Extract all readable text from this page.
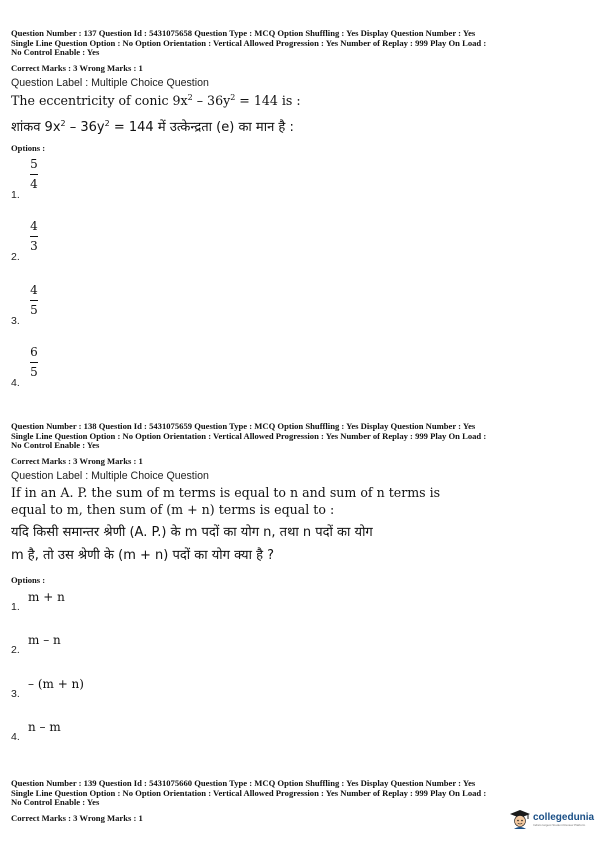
Question Number : 137 Question Id : 5431075658 Question Type : MCQ Option Shuffling : Yes Display Question Number : Yes
Single Line Question Option : No Option Orientation : Vertical Allowed Progression : Yes Number of Replay : 999 Play On Load :
No Control Enable : Yes
Correct Marks : 3 Wrong Marks : 1
Question Label : Multiple Choice Question
The eccentricity of conic $9x^2 - 36y^2 = 144$ is :
शांकव $9x^2 - 36y^2 = 144$ में उत्केन्द्रता (e) का मान है :
Options :
5
4
1.
4
3
2.
4
5
3.
6
5
4.
Question Number : 138 Question Id : 5431075659 Question Type : MCQ Option Shuffling : Yes Display Question Number : Yes
Single Line Question Option : No Option Orientation : Vertical Allowed Progression : Yes Number of Replay : 999 Play On Load :
No Control Enable : Yes
Correct Marks : 3 Wrong Marks : 1
Question Label : Multiple Choice Question
If in an A. P. the sum of m terms is equal to n and sum of n terms is
equal to m, then sum of (m + n) terms is equal to :
यदि किसी समान्तर श्रेणी (A. P.) के m पदों का योग n, तथा n पदों का योग
m है, तो उस श्रेणी के (m + n) पदों का योग क्या है ?
Options :
m + n
1.
m – n
2.
– (m + n)
3.
n – m
4.
Question Number : 139 Question Id : 5431075660 Question Type : MCQ Option Shuffling : Yes Display Question Number : Yes
Single Line Question Option : No Option Orientation : Vertical Allowed Progression : Yes Number of Replay : 999 Play On Load :
No Control Enable : Yes
Correct Marks : 3 Wrong Marks : 1	collegedunia
India's largest Student Review Platform
